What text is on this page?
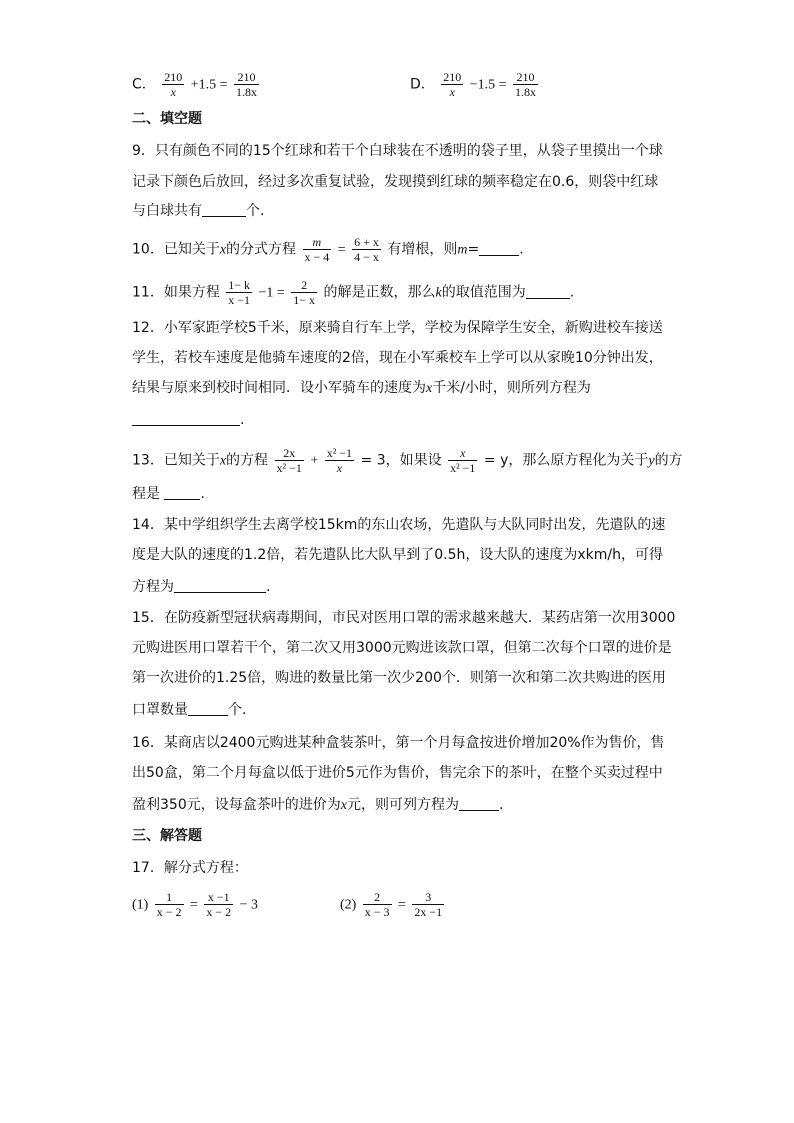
C． $\frac{210}{x} +1.5 = \frac{210}{1.8x}$	D． $\frac{210}{x} -1.5 = \frac{210}{1.8x}$
二、填空题
9．只有颜色不同的15个红球和若干个白球装在不透明的袋子里，从袋子里摸出一个球
记录下颜色后放回，经过多次重复试验，发现摸到红球的频率稳定在0.6，则袋中红球
与白球共有	个.
10．已知关于x的分式方程 $\frac{m}{x - 4} = \frac{6 + x}{4 - x}$ 有增根，则m=	.
11．如果方程 $\frac{1- k}{x -1} -1 = \frac{2}{1- x}$ 的解是正数，那么k的取值范围为	.
12．小军家距学校5千米，原来骑自行车上学，学校为保障学生安全，新购进校车接送
学生，若校车速度是他骑车速度的2倍，现在小军乘校车上学可以从家晚10分钟出发，
结果与原来到校时间相同．设小军骑车的速度为x千米/小时，则所列方程为
.
13．已知关于x的方程 $\frac{2x}{\text{x² −1}} + \frac{\text{x² −1}}{x} = 3$，如果设 $\frac{x}{\text{x² −1}} = y$，那么原方程化为关于y的方
程是	.
14．某中学组织学生去离学校15km的东山农场，先遣队与大队同时出发，先遣队的速
度是大队的速度的1.2倍，若先遣队比大队早到了0.5h，设大队的速度为xkm/h，可得
方程为	.
15．在防疫新型冠状病毒期间，市民对医用口罩的需求越来越大．某药店第一次用3000
元购进医用口罩若干个，第二次又用3000元购进该款口罩，但第二次每个口罩的进价是
第一次进价的1.25倍，购进的数量比第一次少200个．则第一次和第二次共购进的医用
口罩数量	个.
16．某商店以2400元购进某种盒装茶叶，第一个月每盒按进价增加20%作为售价，售
出50盒，第二个月每盒以低于进价5元作为售价，售完余下的茶叶，在整个买卖过程中
盈利350元，设每盒茶叶的进价为x元，则可列方程为	.
三、解答题
17．解分式方程：
$(1) \frac{1}{x - 2} = \frac{x -1}{x - 2} - 3$	$(2) \frac{2}{x - 3} = \frac{3}{2x -1}$
